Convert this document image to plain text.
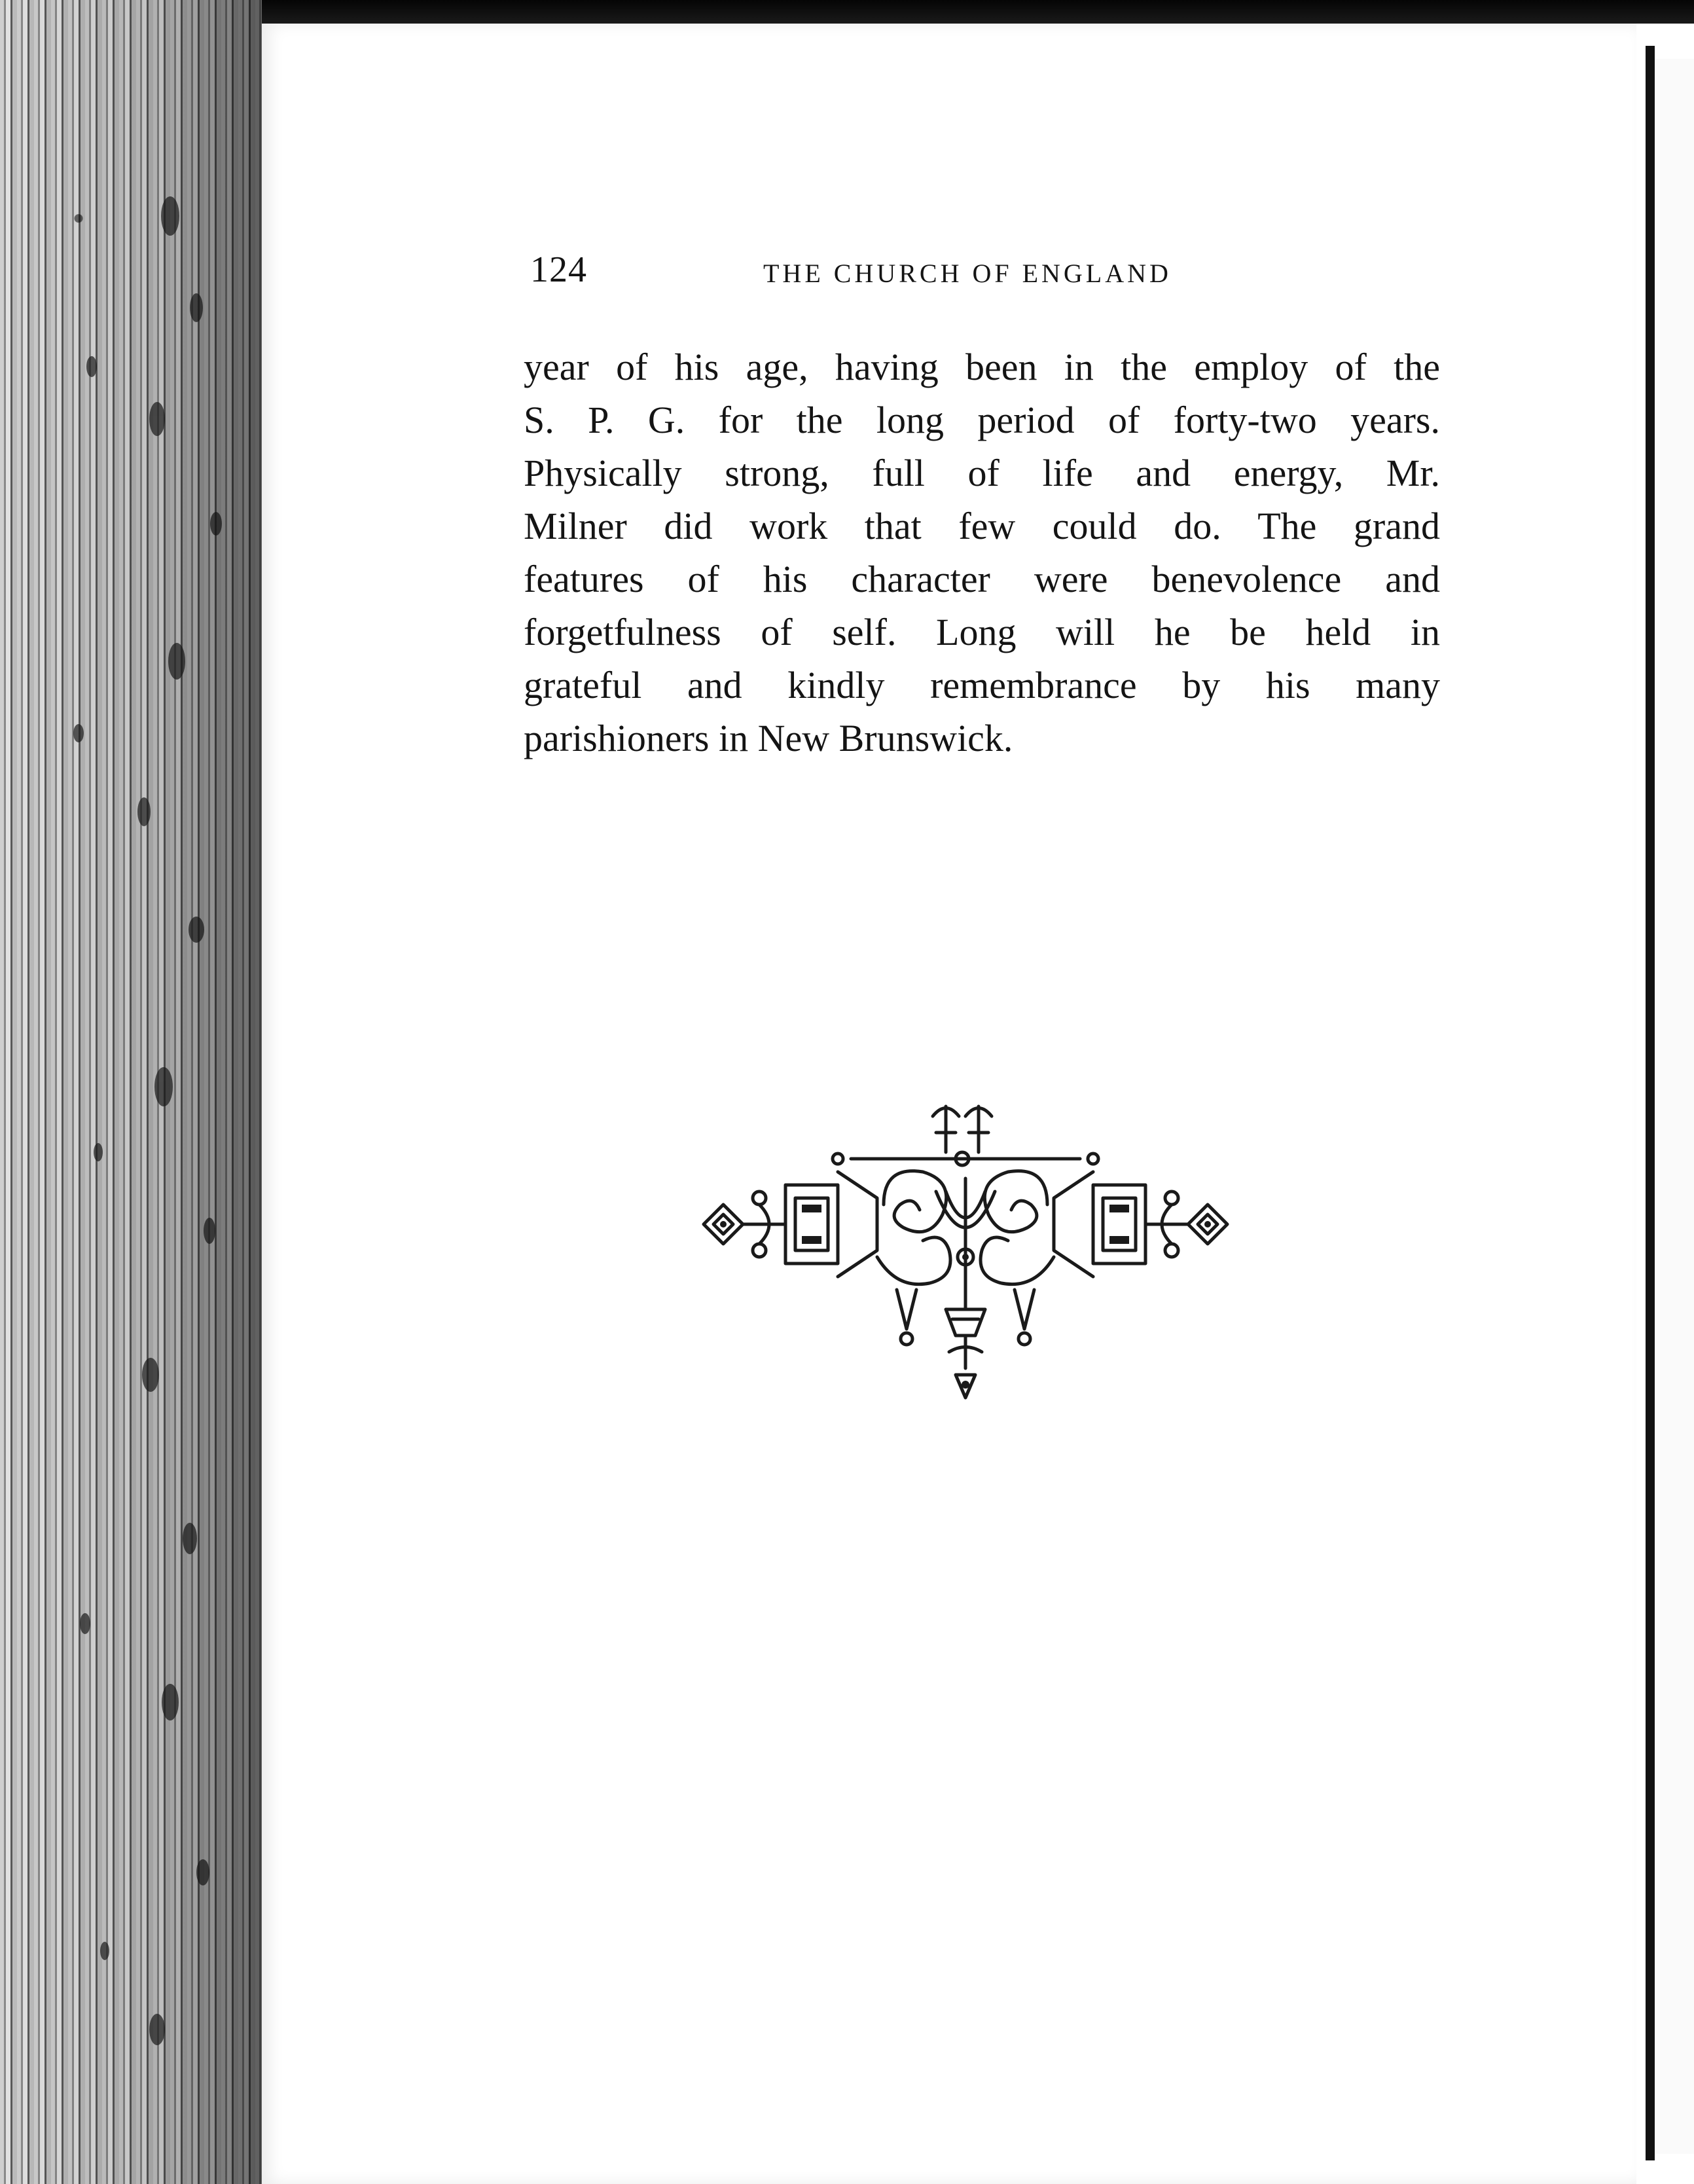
124	THE CHURCH OF ENGLAND

year of his age, having been in the employ of the
S. P. G. for the long period of forty-two years.
Physically strong, full of life and energy, Mr.
Milner did work that few could do. The grand
features of his character were benevolence and
forgetfulness of self. Long will he be held in
grateful and kindly remembrance by his many
parishioners in New Brunswick.
